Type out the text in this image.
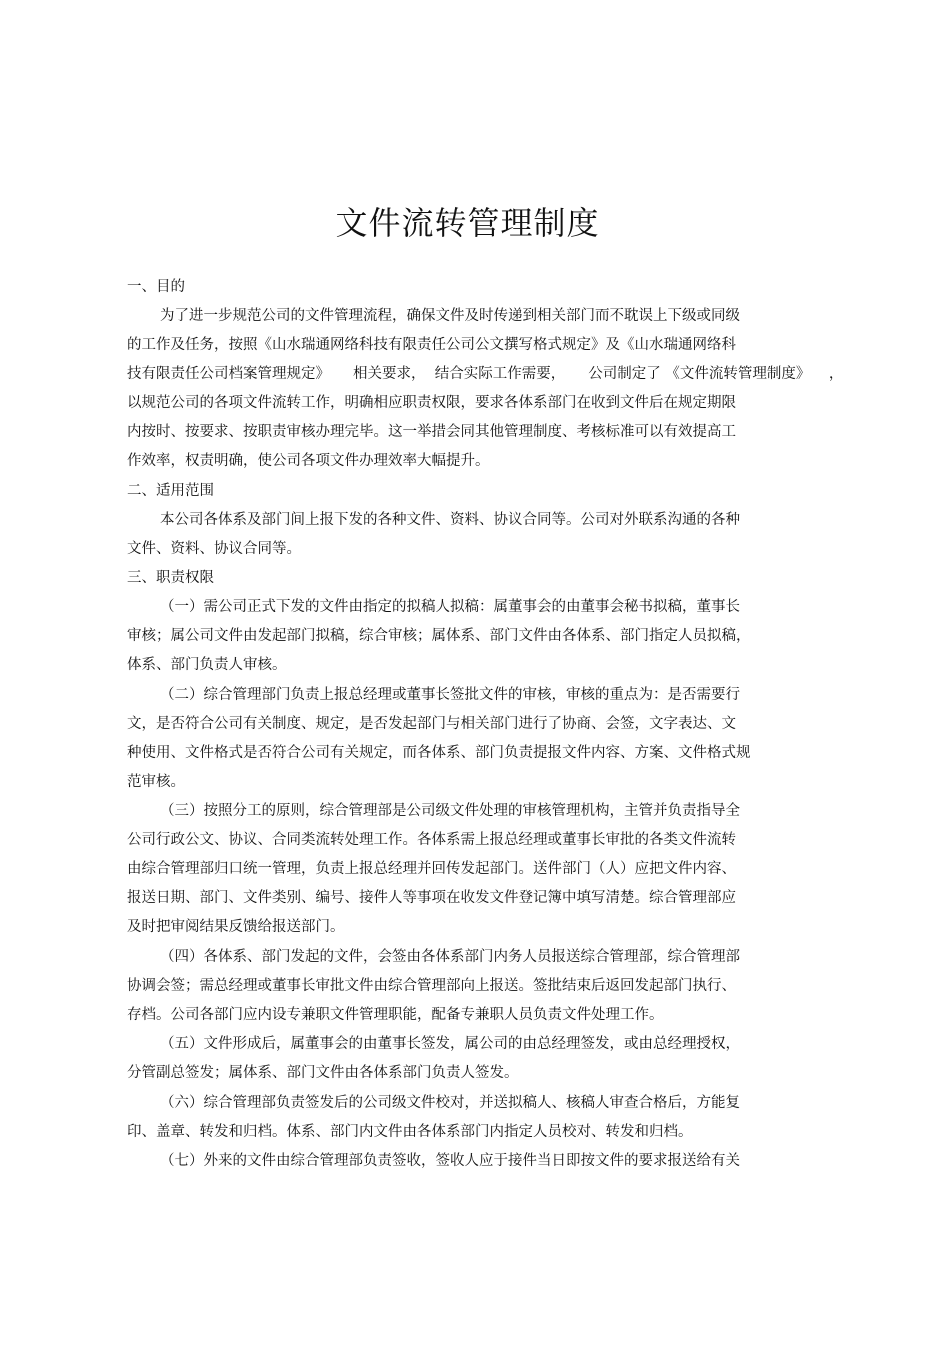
文件流转管理制度
一、目的
为了进一步规范公司的文件管理流程，确保文件及时传递到相关部门而不耽误上下级或同级
的工作及任务，按照《山水瑞通网络科技有限责任公司公文撰写格式规定》及《山水瑞通网络科
技有限责任公司档案管理规定》     相关要求，  结合实际工作需要，     公司制定了 《文件流转管理制度》    ，
以规范公司的各项文件流转工作，明确相应职责权限，要求各体系部门在收到文件后在规定期限
内按时、按要求、按职责审核办理完毕。这一举措会同其他管理制度、考核标准可以有效提高工
作效率，权责明确，使公司各项文件办理效率大幅提升。
二、适用范围
本公司各体系及部门间上报下发的各种文件、资料、协议合同等。公司对外联系沟通的各种
文件、资料、协议合同等。
三、职责权限
（一）需公司正式下发的文件由指定的拟稿人拟稿：属董事会的由董事会秘书拟稿，董事长
审核；属公司文件由发起部门拟稿，综合审核；属体系、部门文件由各体系、部门指定人员拟稿，
体系、部门负责人审核。
（二）综合管理部门负责上报总经理或董事长签批文件的审核，审核的重点为：是否需要行
文，是否符合公司有关制度、规定，是否发起部门与相关部门进行了协商、会签，文字表达、文
种使用、文件格式是否符合公司有关规定，而各体系、部门负责提报文件内容、方案、文件格式规
范审核。
（三）按照分工的原则，综合管理部是公司级文件处理的审核管理机构，主管并负责指导全
公司行政公文、协议、合同类流转处理工作。各体系需上报总经理或董事长审批的各类文件流转
由综合管理部归口统一管理，负责上报总经理并回传发起部门。送件部门（人）应把文件内容、
报送日期、部门、文件类别、编号、接件人等事项在收发文件登记簿中填写清楚。综合管理部应
及时把审阅结果反馈给报送部门。
（四）各体系、部门发起的文件，会签由各体系部门内务人员报送综合管理部，综合管理部
协调会签；需总经理或董事长审批文件由综合管理部向上报送。签批结束后返回发起部门执行、
存档。公司各部门应内设专兼职文件管理职能，配备专兼职人员负责文件处理工作。
（五）文件形成后，属董事会的由董事长签发，属公司的由总经理签发，或由总经理授权，
分管副总签发；属体系、部门文件由各体系部门负责人签发。
（六）综合管理部负责签发后的公司级文件校对，并送拟稿人、核稿人审查合格后，方能复
印、盖章、转发和归档。体系、部门内文件由各体系部门内指定人员校对、转发和归档。
（七）外来的文件由综合管理部负责签收，签收人应于接件当日即按文件的要求报送给有关
